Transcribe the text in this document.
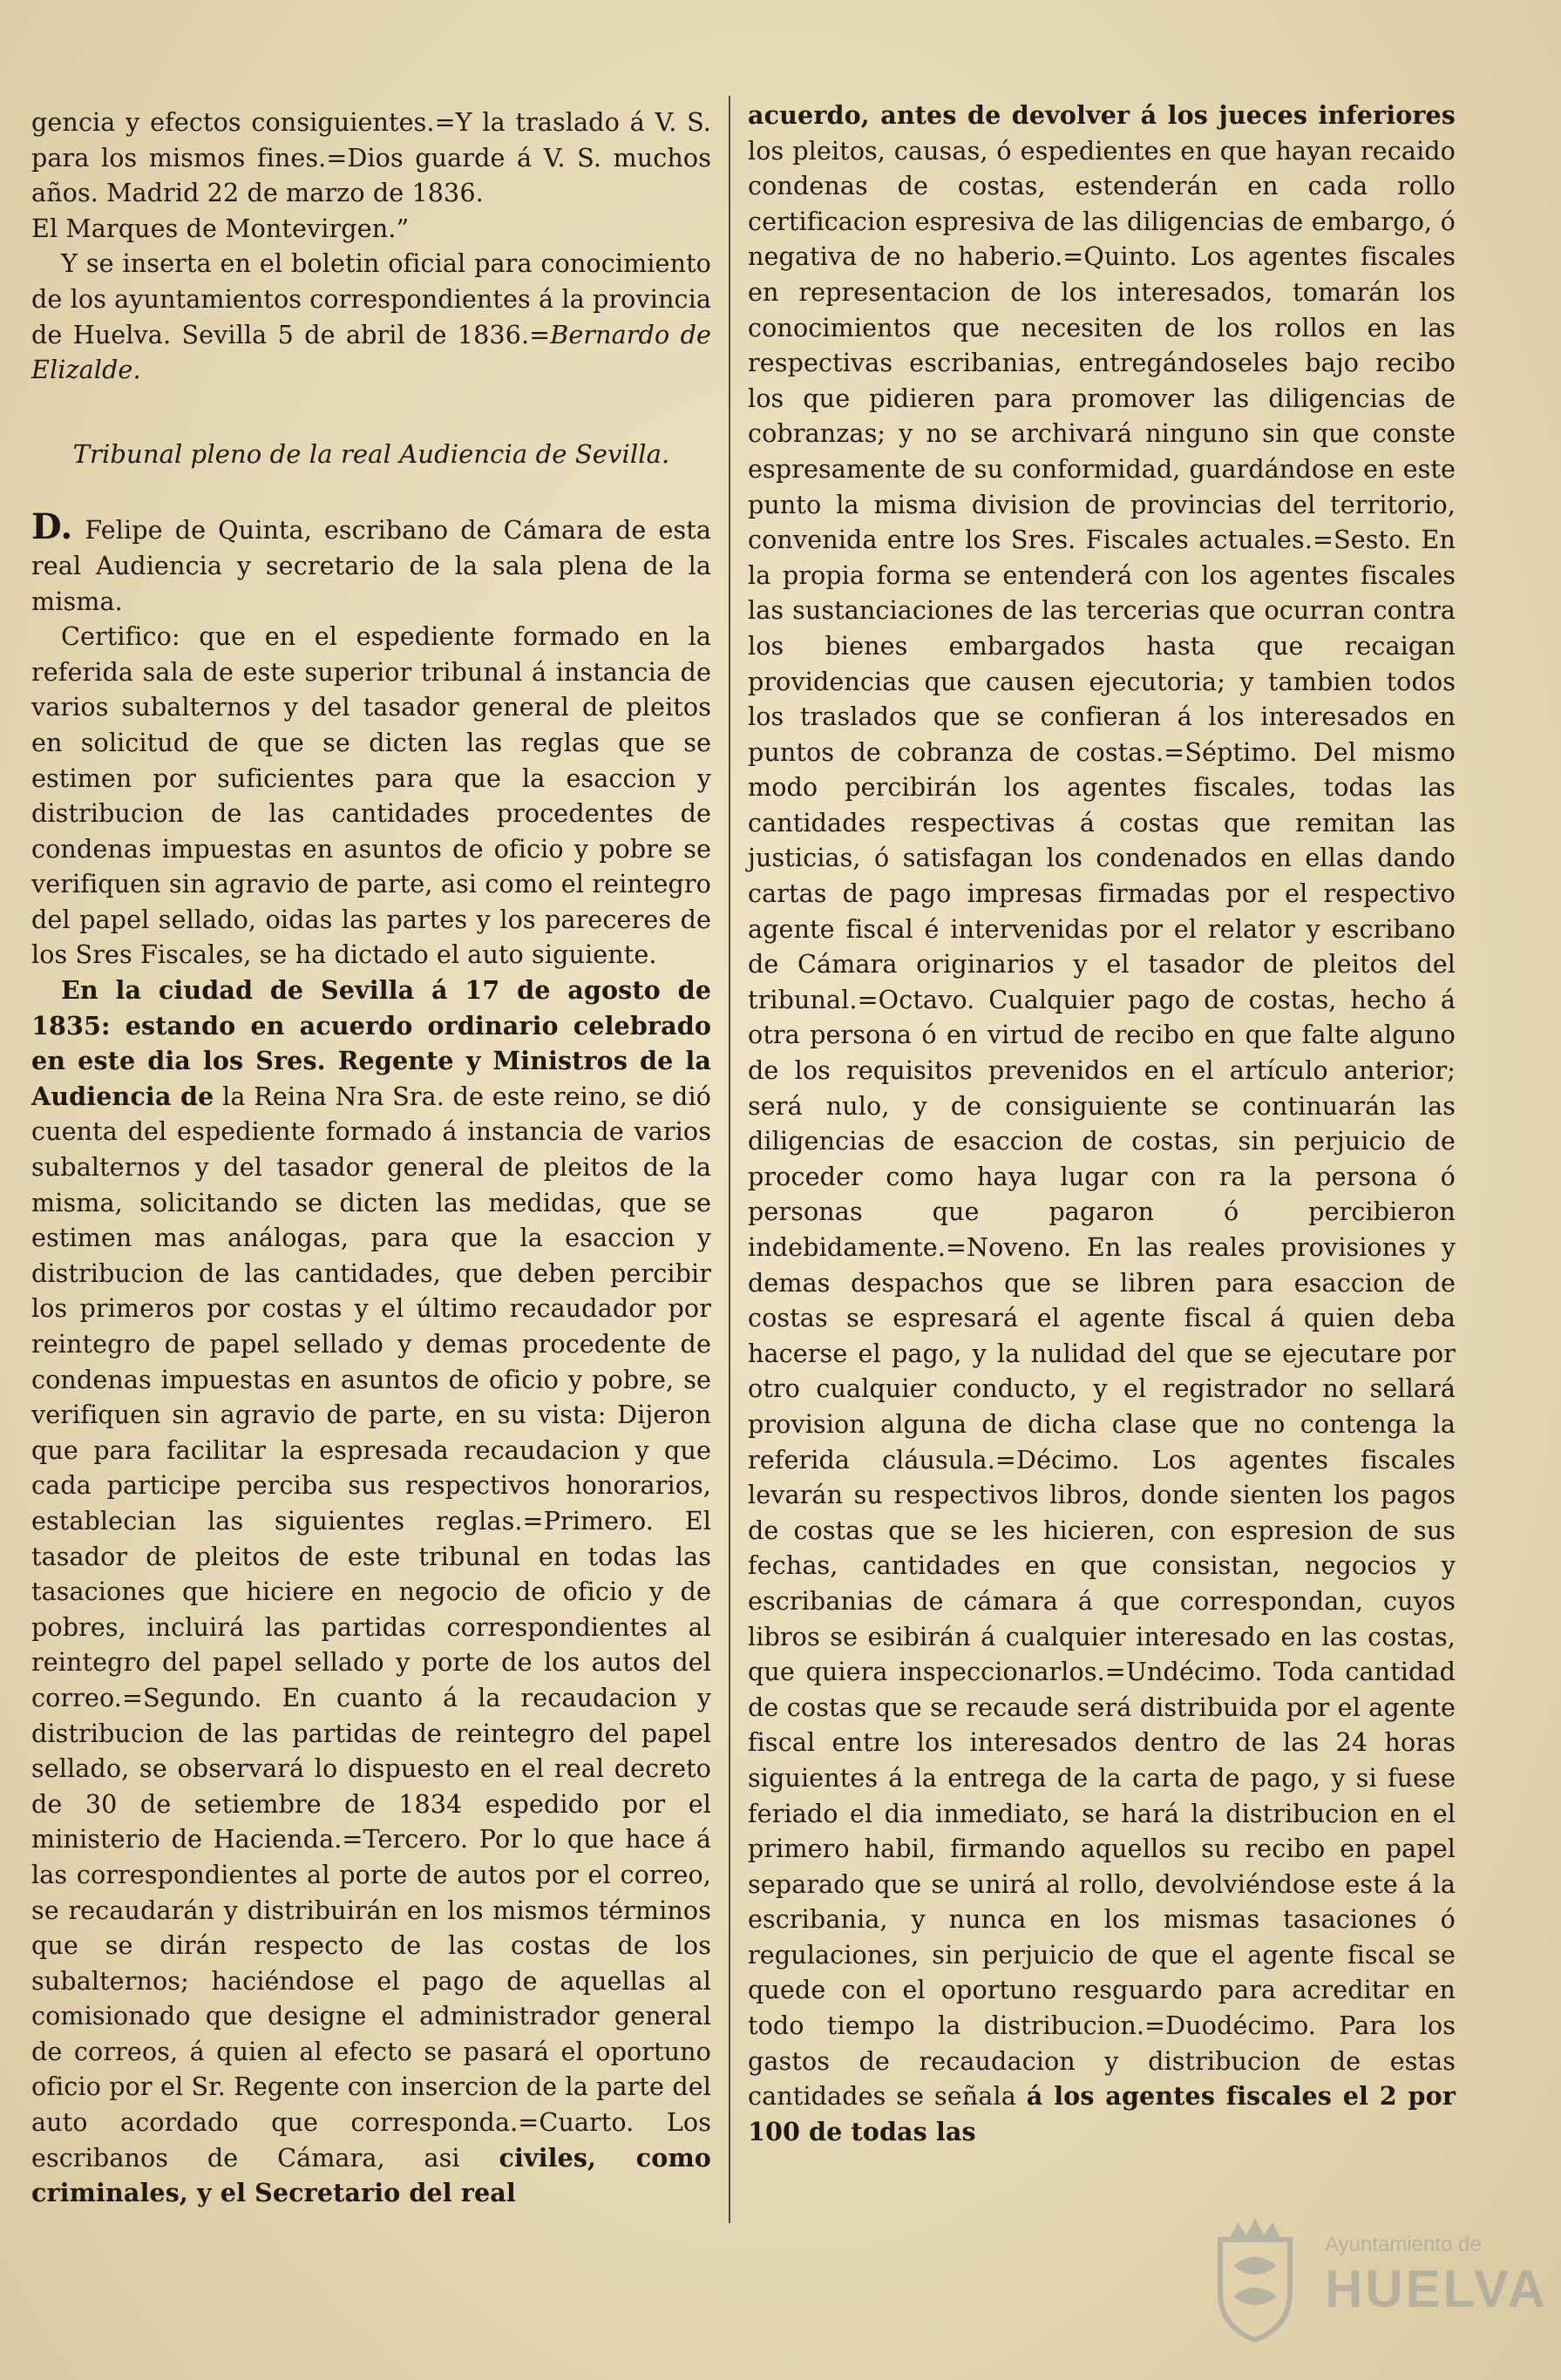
gencia y efectos consiguientes.=Y la traslado á V. S. para los mismos fines.=Dios guarde á V. S. muchos años. Madrid 22 de marzo de 1836.

El Marques de Montevirgen.”

Y se inserta en el boletin oficial para conocimiento de los ayuntamientos correspondientes á la provincia de Huelva. Sevilla 5 de abril de 1836.=Bernardo de Elizalde.

Tribunal pleno de la real Audiencia de Sevilla.

D. Felipe de Quinta, escribano de Cámara de esta real Audiencia y secretario de la sala plena de la misma.

Certifico: que en el espediente formado en la referida sala de este superior tribunal á instancia de varios subalternos y del tasador general de pleitos en solicitud de que se dicten las reglas que se estimen por suficientes para que la esaccion y distribucion de las cantidades procedentes de condenas impuestas en asuntos de oficio y pobre se verifiquen sin agravio de parte, asi como el reintegro del papel sellado, oidas las partes y los pareceres de los Sres Fiscales, se ha dictado el auto siguiente.

En la ciudad de Sevilla á 17 de agosto de 1835: estando en acuerdo ordinario celebrado en este dia los Sres. Regente y Ministros de la Audiencia de la Reina Nra Sra. de este reino, se dió cuenta del espediente formado á instancia de varios subalternos y del tasador general de pleitos de la misma, solicitando se dicten las medidas, que se estimen mas análogas, para que la esaccion y distribucion de las cantidades, que deben percibir los primeros por costas y el último recaudador por reintegro de papel sellado y demas procedente de condenas impuestas en asuntos de oficio y pobre, se verifiquen sin agravio de parte, en su vista: Dijeron que para facilitar la espresada recaudacion y que cada participe perciba sus respectivos honorarios, establecian las siguientes reglas.=Primero. El tasador de pleitos de este tribunal en todas las tasaciones que hiciere en negocio de oficio y de pobres, incluirá las partidas correspondientes al reintegro del papel sellado y porte de los autos del correo.=Segundo. En cuanto á la recaudacion y distribucion de las partidas de reintegro del papel sellado, se observará lo dispuesto en el real decreto de 30 de setiembre de 1834 espedido por el ministerio de Hacienda.=Tercero. Por lo que hace á las correspondientes al porte de autos por el correo, se recaudarán y distribuirán en los mismos términos que se dirán respecto de las costas de los subalternos; haciéndose el pago de aquellas al comisionado que designe el administrador general de correos, á quien al efecto se pasará el oportuno oficio por el Sr. Regente con insercion de la parte del auto acordado que corresponda.=Cuarto. Los escribanos de Cámara, asi civiles, como criminales, y el Secretario del real

acuerdo, antes de devolver á los jueces inferiores los pleitos, causas, ó espedientes en que hayan recaido condenas de costas, estenderán en cada rollo certificacion espresiva de las diligencias de embargo, ó negativa de no haberio.=Quinto. Los agentes fiscales en representacion de los interesados, tomarán los conocimientos que necesiten de los rollos en las respectivas escribanias, entregándoseles bajo recibo los que pidieren para promover las diligencias de cobranzas; y no se archivará ninguno sin que conste espresamente de su conformidad, guardándose en este punto la misma division de provincias del territorio, convenida entre los Sres. Fiscales actuales.=Sesto. En la propia forma se entenderá con los agentes fiscales las sustanciaciones de las tercerias que ocurran contra los bienes embargados hasta que recaigan providencias que causen ejecutoria; y tambien todos los traslados que se confieran á los interesados en puntos de cobranza de costas.=Séptimo. Del mismo modo percibirán los agentes fiscales, todas las cantidades respectivas á costas que remitan las justicias, ó satisfagan los condenados en ellas dando cartas de pago impresas firmadas por el respectivo agente fiscal é intervenidas por el relator y escribano de Cámara originarios y el tasador de pleitos del tribunal.=Octavo. Cualquier pago de costas, hecho á otra persona ó en virtud de recibo en que falte alguno de los requisitos prevenidos en el artículo anterior; será nulo, y de consiguiente se continuarán las diligencias de esaccion de costas, sin perjuicio de proceder como haya lugar con ra la persona ó personas que pagaron ó percibieron indebidamente.=Noveno. En las reales provisiones y demas despachos que se libren para esaccion de costas se espresará el agente fiscal á quien deba hacerse el pago, y la nulidad del que se ejecutare por otro cualquier conducto, y el registrador no sellará provision alguna de dicha clase que no contenga la referida cláusula.=Décimo. Los agentes fiscales levarán su respectivos libros, donde sienten los pagos de costas que se les hicieren, con espresion de sus fechas, cantidades en que consistan, negocios y escribanias de cámara á que correspondan, cuyos libros se esibirán á cualquier interesado en las costas, que quiera inspeccionarlos.=Undécimo. Toda cantidad de costas que se recaude será distribuida por el agente fiscal entre los interesados dentro de las 24 horas siguientes á la entrega de la carta de pago, y si fuese feriado el dia inmediato, se hará la distribucion en el primero habil, firmando aquellos su recibo en papel separado que se unirá al rollo, devolviéndose este á la escribania, y nunca en los mismas tasaciones ó regulaciones, sin perjuicio de que el agente fiscal se quede con el oportuno resguardo para acreditar en todo tiempo la distribucion.=Duodécimo. Para los gastos de recaudacion y distribucion de estas cantidades se señala á los agentes fiscales el 2 por 100 de todas las

Ayuntamiento de
HUELVA
